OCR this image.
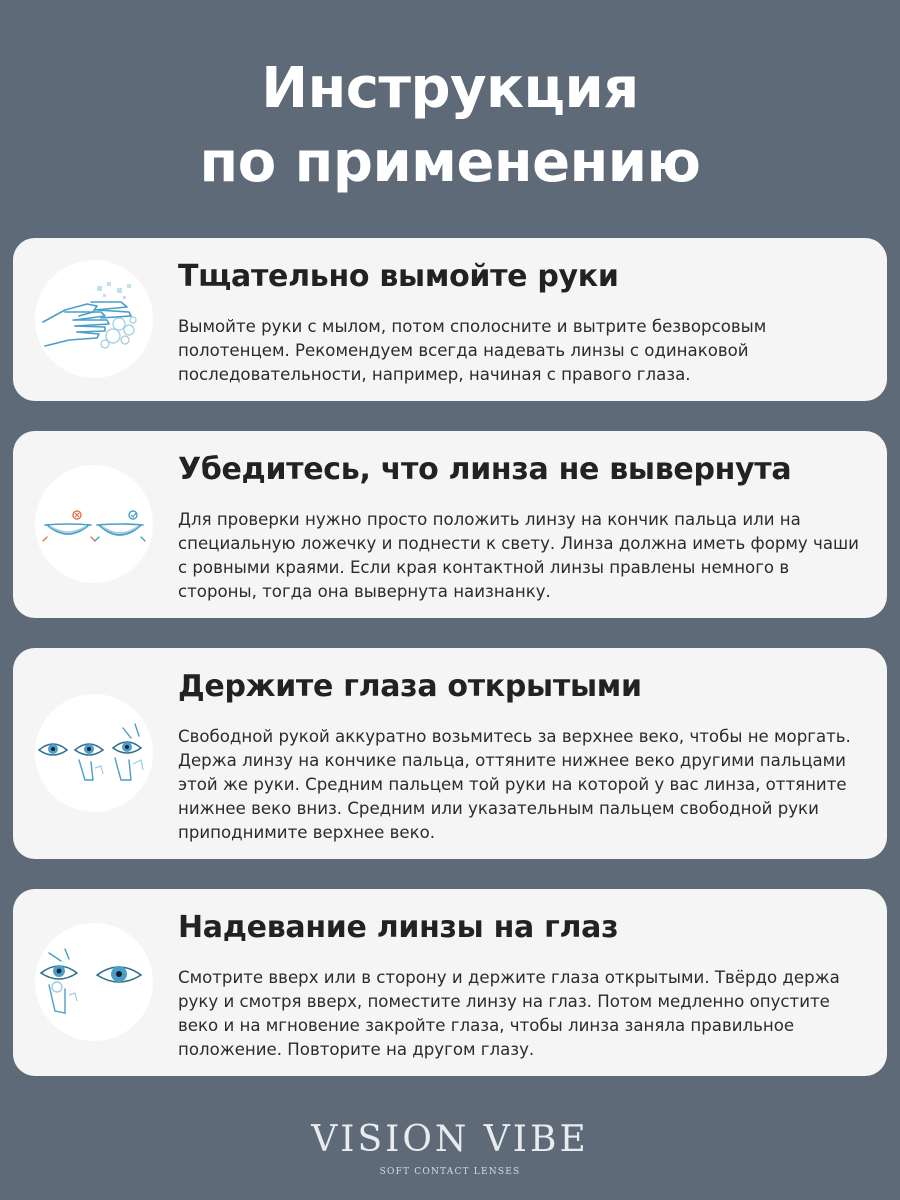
Инструкция
по применению
Тщательно вымойте руки
Вымойте руки с мылом, потом сполосните и вытрите безворсовым полотенцем. Рекомендуем всегда надевать линзы с одинаковой последовательности, например, начиная с правого глаза.
Убедитесь, что линза не вывернута
Для проверки нужно просто положить линзу на кончик пальца или на специальную ложечку и поднести к свету. Линза должна иметь форму чаши с ровными краями. Если края контактной линзы правлены немного в стороны, тогда она вывернута наизнанку.
Держите глаза открытыми
Свободной рукой аккуратно возьмитесь за верхнее веко, чтобы не моргать. Держа линзу на кончике пальца, оттяните нижнее веко другими пальцами этой же руки. Средним пальцем той руки на которой у вас линза, оттяните нижнее веко вниз. Средним или указательным пальцем свободной руки приподнимите верхнее веко.
Надевание линзы на глаз
Смотрите вверх или в сторону и держите глаза открытыми. Твёрдо держа руку и смотря вверх, поместите линзу на глаз. Потом медленно опустите веко и на мгновение закройте глаза, чтобы линза заняла правильное положение. Повторите на другом глазу.
VISION VIBE
SOFT CONTACT LENSES
